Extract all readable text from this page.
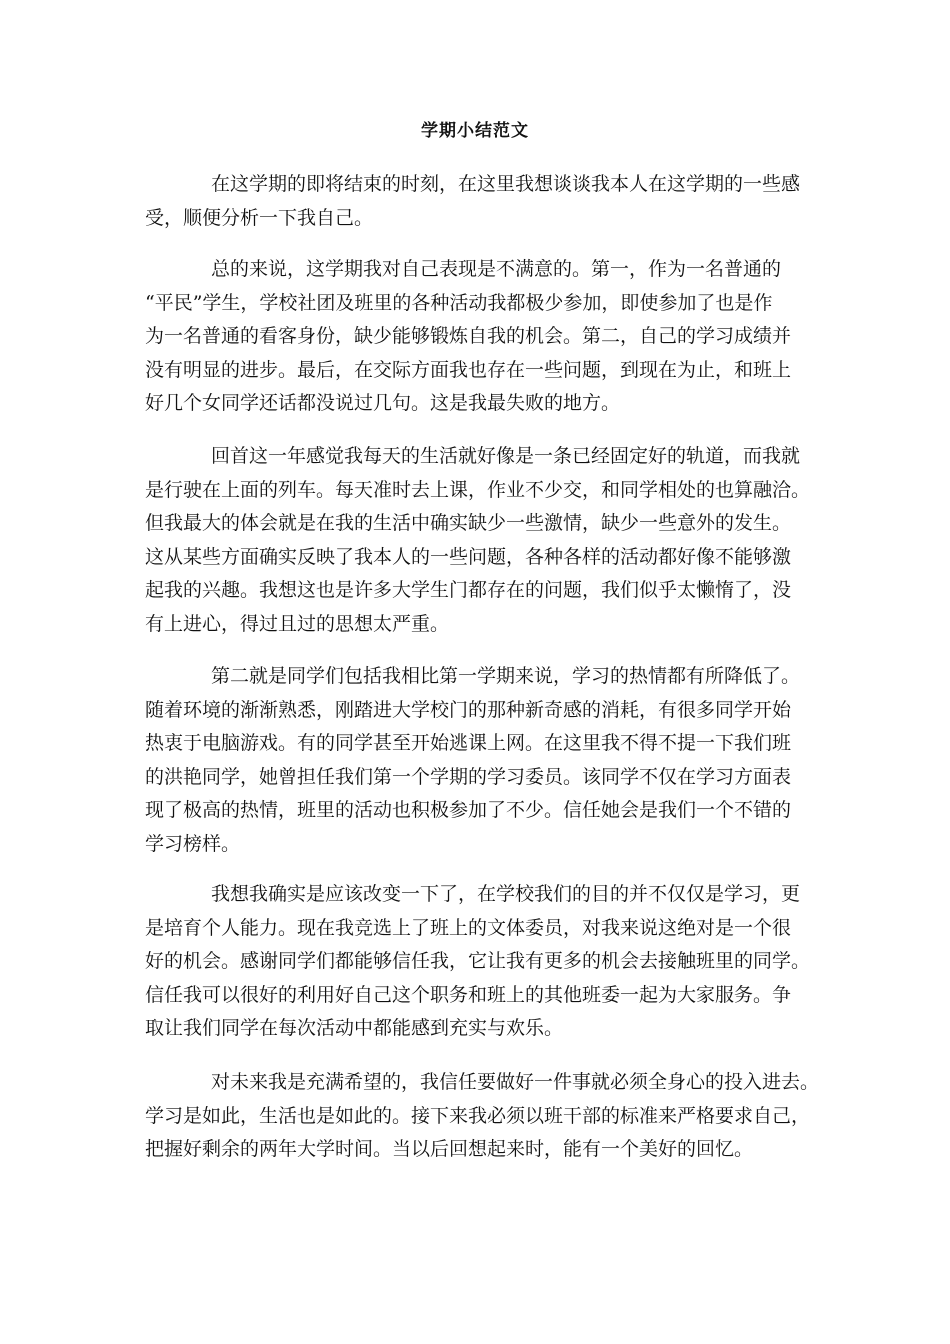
学期小结范文

在这学期的即将结束的时刻，在这里我想谈谈我本人在这学期的一些感
受，顺便分析一下我自己。

总的来说，这学期我对自己表现是不满意的。第一，作为一名普通的
“平民”学生，学校社团及班里的各种活动我都极少参加，即使参加了也是作
为一名普通的看客身份，缺少能够锻炼自我的机会。第二，自己的学习成绩并
没有明显的进步。最后，在交际方面我也存在一些问题，到现在为止，和班上
好几个女同学还话都没说过几句。这是我最失败的地方。

回首这一年感觉我每天的生活就好像是一条已经固定好的轨道，而我就
是行驶在上面的列车。每天准时去上课，作业不少交，和同学相处的也算融洽。
但我最大的体会就是在我的生活中确实缺少一些激情，缺少一些意外的发生。
这从某些方面确实反映了我本人的一些问题，各种各样的活动都好像不能够激
起我的兴趣。我想这也是许多大学生门都存在的问题，我们似乎太懒惰了，没
有上进心，得过且过的思想太严重。

第二就是同学们包括我相比第一学期来说，学习的热情都有所降低了。
随着环境的渐渐熟悉，刚踏进大学校门的那种新奇感的消耗，有很多同学开始
热衷于电脑游戏。有的同学甚至开始逃课上网。在这里我不得不提一下我们班
的洪艳同学，她曾担任我们第一个学期的学习委员。该同学不仅在学习方面表
现了极高的热情，班里的活动也积极参加了不少。信任她会是我们一个不错的
学习榜样。

我想我确实是应该改变一下了，在学校我们的目的并不仅仅是学习，更
是培育个人能力。现在我竞选上了班上的文体委员，对我来说这绝对是一个很
好的机会。感谢同学们都能够信任我，它让我有更多的机会去接触班里的同学。
信任我可以很好的利用好自己这个职务和班上的其他班委一起为大家服务。争
取让我们同学在每次活动中都能感到充实与欢乐。

对未来我是充满希望的，我信任要做好一件事就必须全身心的投入进去。
学习是如此，生活也是如此的。接下来我必须以班干部的标准来严格要求自己，
把握好剩余的两年大学时间。当以后回想起来时，能有一个美好的回忆。
